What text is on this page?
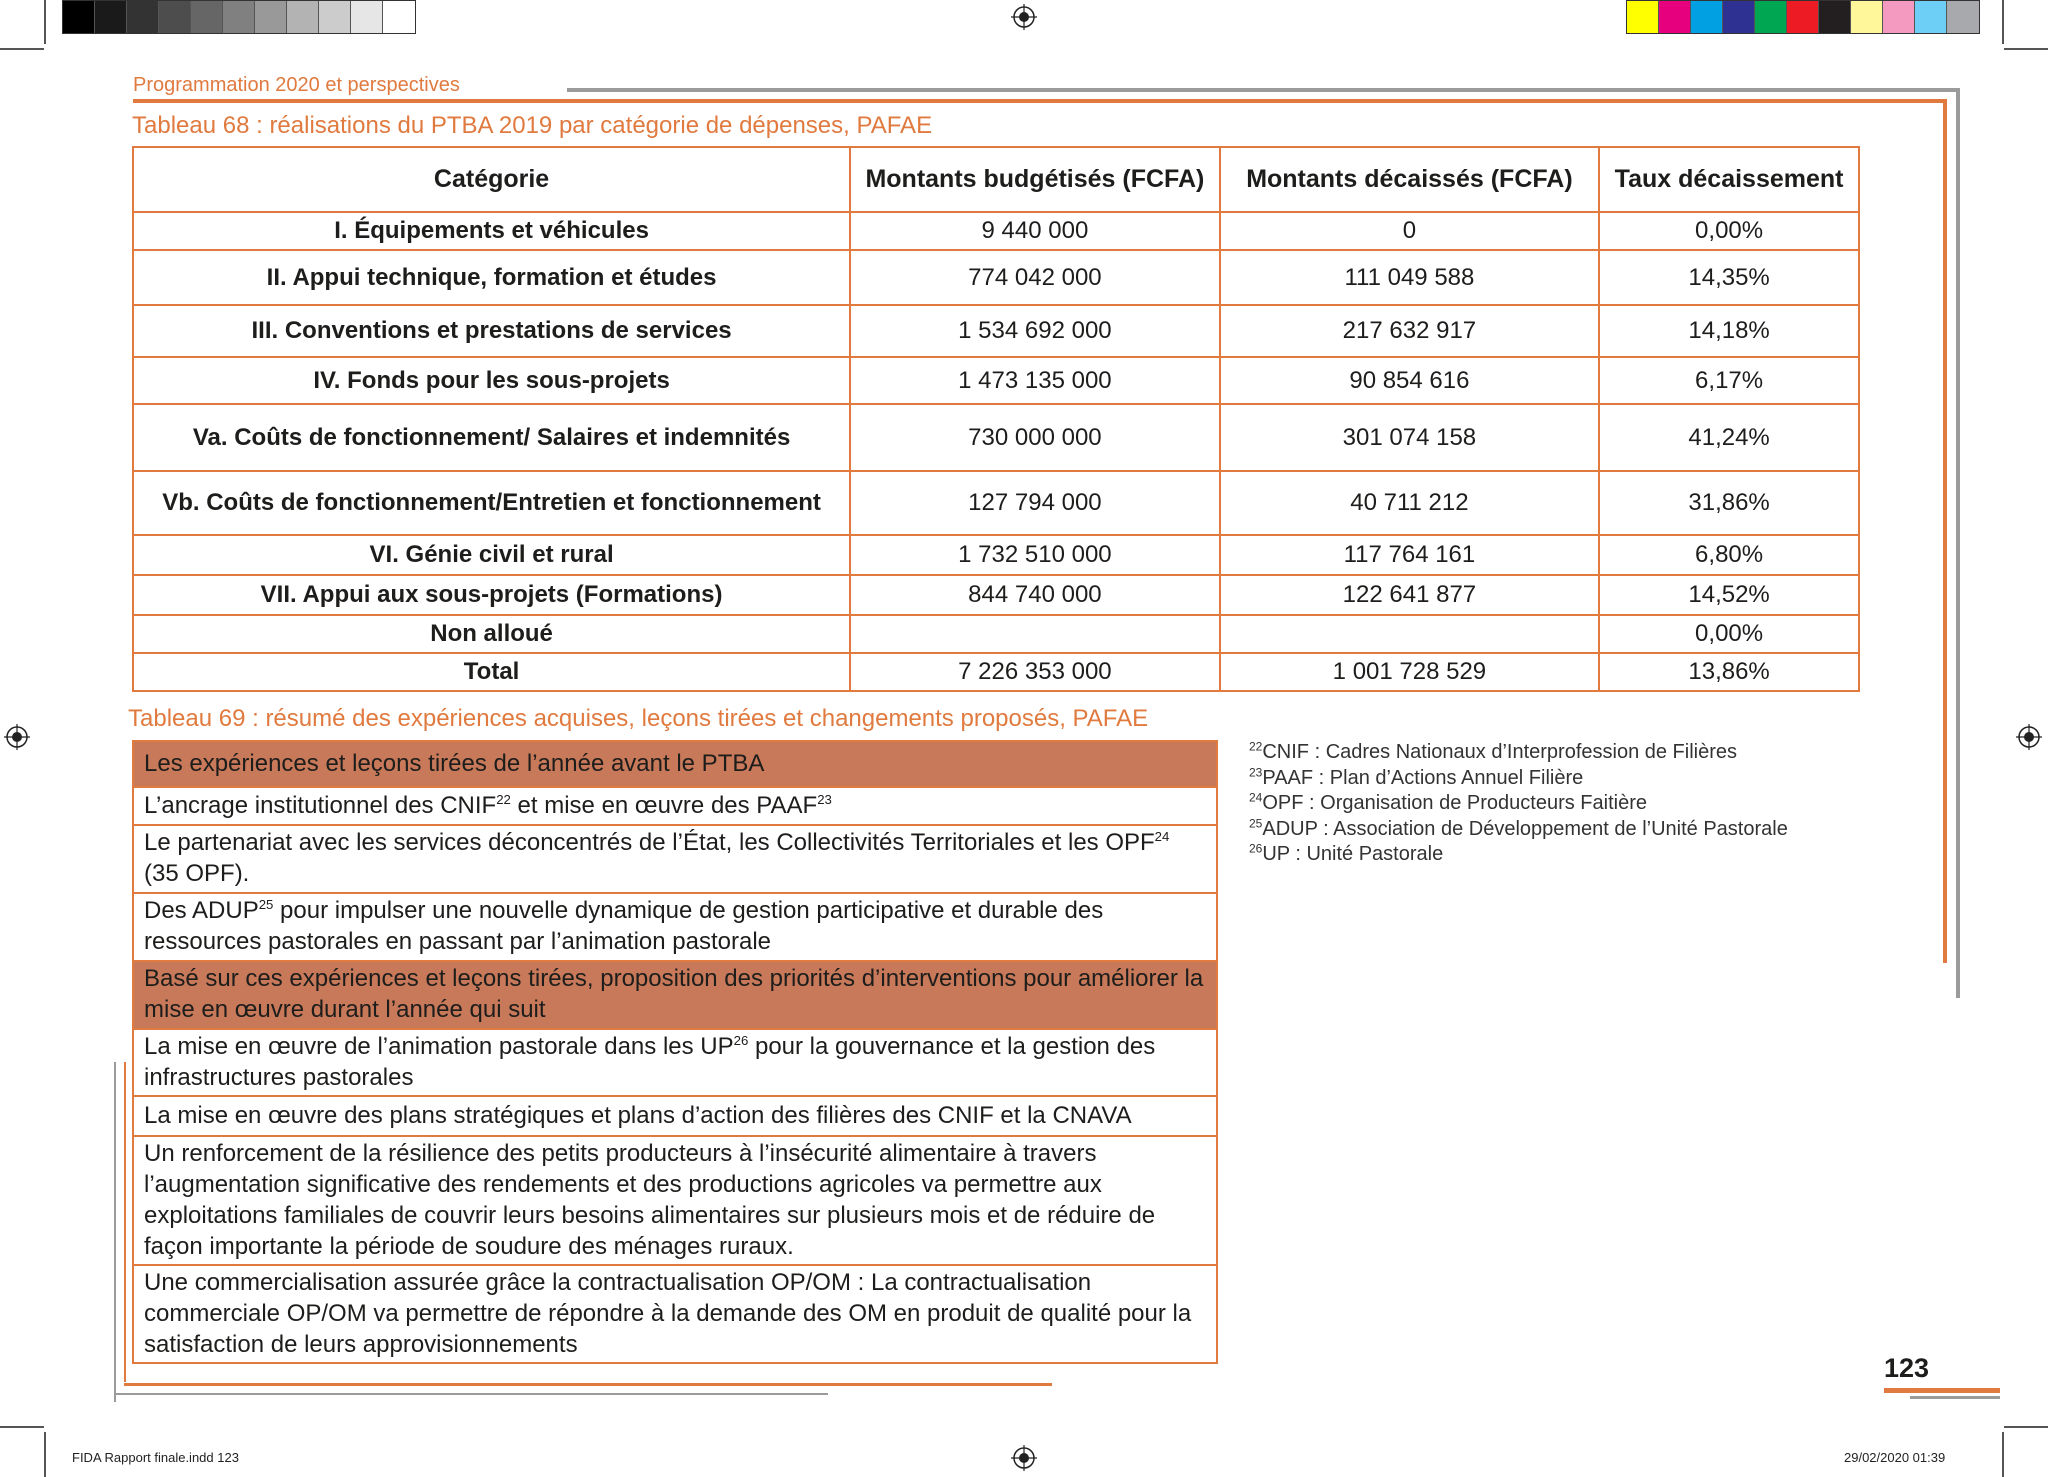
Programmation 2020 et perspectives
Tableau 68 : réalisations du PTBA 2019 par catégorie de dépenses, PAFAE
Catégorie	Montants budgétisés (FCFA)	Montants décaissés (FCFA)	Taux décaissement
I. Équipements et véhicules	9 440 000	0	0,00%
II. Appui technique, formation et études	774 042 000	111 049 588	14,35%
III. Conventions et prestations de services	1 534 692 000	217 632 917	14,18%
IV. Fonds pour les sous-projets	1 473 135 000	90 854 616	6,17%
Va. Coûts de fonctionnement/ Salaires et indemnités	730 000 000	301 074 158	41,24%
Vb. Coûts de fonctionnement/Entretien et fonctionnement	127 794 000	40 711 212	31,86%
VI. Génie civil et rural	1 732 510 000	117 764 161	6,80%
VII. Appui aux sous-projets (Formations)	844 740 000	122 641 877	14,52%
Non alloué			0,00%
Total	7 226 353 000	1 001 728 529	13,86%
Tableau 69 : résumé des expériences acquises, leçons tirées et changements proposés, PAFAE
Les expériences et leçons tirées de l’année avant le PTBA
L’ancrage institutionnel des CNIF$^{22}$ et mise en œuvre des PAAF$^{23}$
Le partenariat avec les services déconcentrés de l’État, les Collectivités Territoriales et les OPF$^{24}$ (35 OPF).
Des ADUP$^{25}$ pour impulser une nouvelle dynamique de gestion participative et durable des ressources pastorales en passant par l’animation pastorale
Basé sur ces expériences et leçons tirées, proposition des priorités d’interventions pour améliorer la mise en œuvre durant l’année qui suit
La mise en œuvre de l’animation pastorale dans les UP$^{26}$ pour la gouvernance et la gestion des infrastructures pastorales
La mise en œuvre des plans stratégiques et plans d’action des filières des CNIF et la CNAVA
Un renforcement de la résilience des petits producteurs à l’insécurité alimentaire à travers l’augmentation significative des rendements et des productions agricoles va permettre aux exploitations familiales de couvrir leurs besoins alimentaires sur plusieurs mois et de réduire de façon importante la période de soudure des ménages ruraux.
Une commercialisation assurée grâce la contractualisation OP/OM : La contractualisation commerciale OP/OM va permettre de répondre à la demande des OM en produit de qualité pour la satisfaction de leurs approvisionnements
$^{22}$CNIF : Cadres Nationaux d’Interprofession de Filières
$^{23}$PAAF : Plan d’Actions Annuel Filière
$^{24}$OPF : Organisation de Producteurs Faitière
$^{25}$ADUP : Association de Développement de l’Unité Pastorale
$^{26}$UP : Unité Pastorale
123
FIDA Rapport finale.indd 123	29/02/2020 01:39
